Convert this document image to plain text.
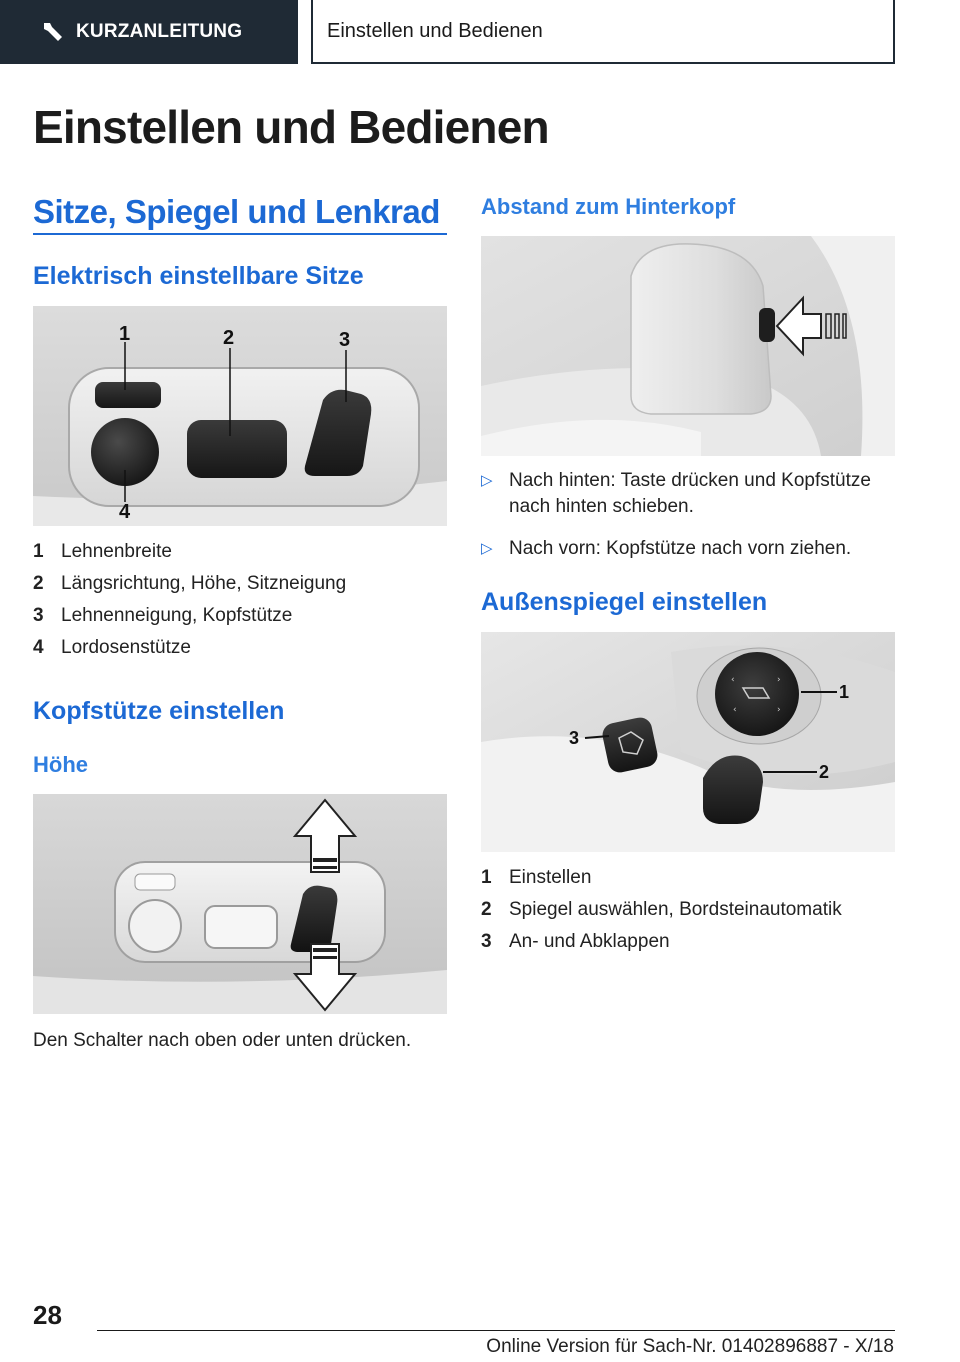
KURZANLEITUNG	Einstellen und Bedienen
Einstellen und Bedienen
Sitze, Spiegel und Lenkrad
Elektrisch einstellbare Sitze
1	2	3
4
1 Lehnenbreite
2 Längsrichtung, Höhe, Sitzneigung
3 Lehnenneigung, Kopfstütze
4 Lordosenstütze
Kopfstütze einstellen
Höhe
Den Schalter nach oben oder unten drücken.
Abstand zum Hinterkopf
▷ Nach hinten: Taste drücken und Kopfstütze nach hinten schieben.
▷ Nach vorn: Kopfstütze nach vorn ziehen.
Außenspiegel einstellen
‹	›
‹	›
1
2
3
1 Einstellen
2 Spiegel auswählen, Bordsteinautomatik
3 An- und Abklappen
28
Online Version für Sach-Nr. 01402896887 - X/18
